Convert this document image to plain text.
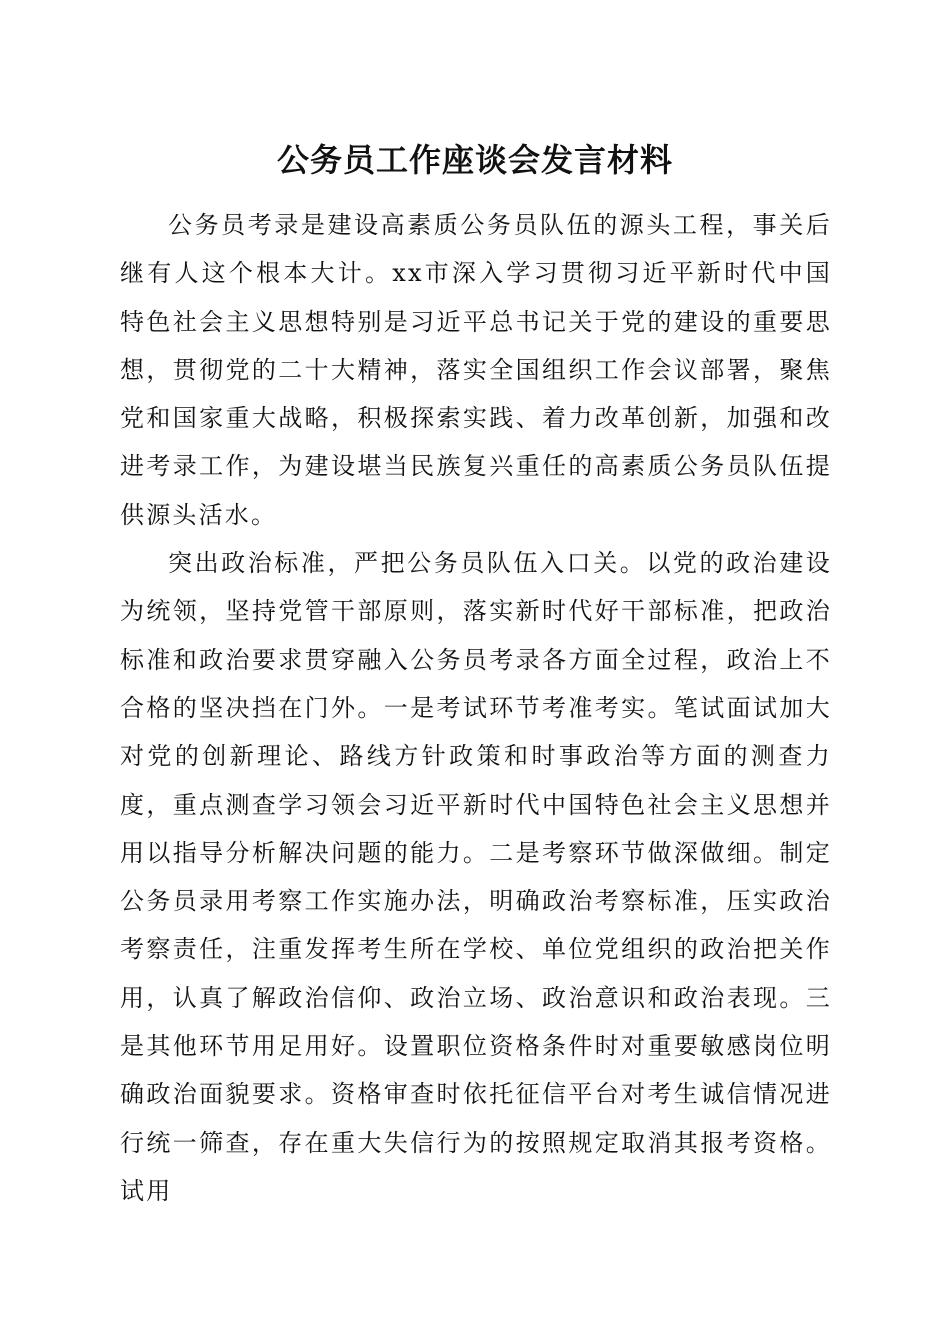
公务员工作座谈会发言材料

公务员考录是建设高素质公务员队伍的源头工程，事关后继有人这个根本大计。xx市深入学习贯彻习近平新时代中国特色社会主义思想特别是习近平总书记关于党的建设的重要思想，贯彻党的二十大精神，落实全国组织工作会议部署，聚焦党和国家重大战略，积极探索实践、着力改革创新，加强和改进考录工作，为建设堪当民族复兴重任的高素质公务员队伍提供源头活水。

突出政治标准，严把公务员队伍入口关。以党的政治建设为统领，坚持党管干部原则，落实新时代好干部标准，把政治标准和政治要求贯穿融入公务员考录各方面全过程，政治上不合格的坚决挡在门外。一是考试环节考准考实。笔试面试加大对党的创新理论、路线方针政策和时事政治等方面的测查力度，重点测查学习领会习近平新时代中国特色社会主义思想并用以指导分析解决问题的能力。二是考察环节做深做细。制定公务员录用考察工作实施办法，明确政治考察标准，压实政治考察责任，注重发挥考生所在学校、单位党组织的政治把关作用，认真了解政治信仰、政治立场、政治意识和政治表现。三是其他环节用足用好。设置职位资格条件时对重要敏感岗位明确政治面貌要求。资格审查时依托征信平台对考生诚信情况进行统一筛查，存在重大失信行为的按照规定取消其报考资格。试用
